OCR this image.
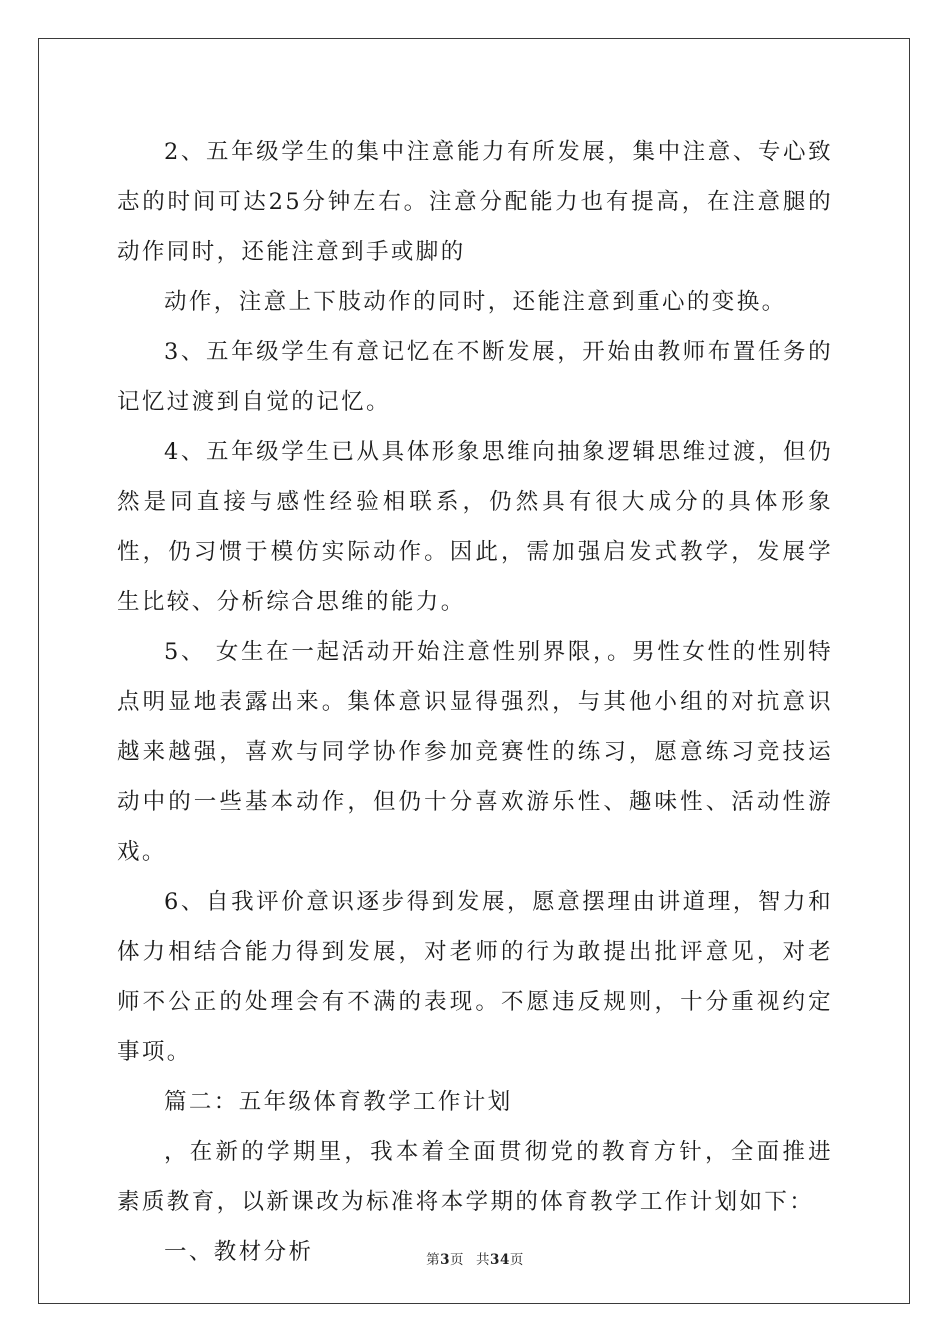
2、五年级学生的集中注意能力有所发展，集中注意、专心致志的时间可达25分钟左右。注意分配能力也有提高，在注意腿的动作同时，还能注意到手或脚的

动作，注意上下肢动作的同时，还能注意到重心的变换。

3、五年级学生有意记忆在不断发展，开始由教师布置任务的记忆过渡到自觉的记忆。

4、五年级学生已从具体形象思维向抽象逻辑思维过渡，但仍然是同直接与感性经验相联系，仍然具有很大成分的具体形象性，仍习惯于模仿实际动作。因此，需加强启发式教学，发展学生比较、分析综合思维的能力。

5、 女生在一起活动开始注意性别界限，。男性女性的性别特点明显地表露出来。集体意识显得强烈，与其他小组的对抗意识越来越强，喜欢与同学协作参加竞赛性的练习，愿意练习竞技运动中的一些基本动作，但仍十分喜欢游乐性、趣味性、活动性游戏。

6、自我评价意识逐步得到发展，愿意摆理由讲道理，智力和体力相结合能力得到发展，对老师的行为敢提出批评意见，对老师不公正的处理会有不满的表现。不愿违反规则，十分重视约定事项。

篇二：五年级体育教学工作计划

，在新的学期里，我本着全面贯彻党的教育方针，全面推进素质教育，以新课改为标准将本学期的体育教学工作计划如下：

一、教材分析	第3页 共34页
